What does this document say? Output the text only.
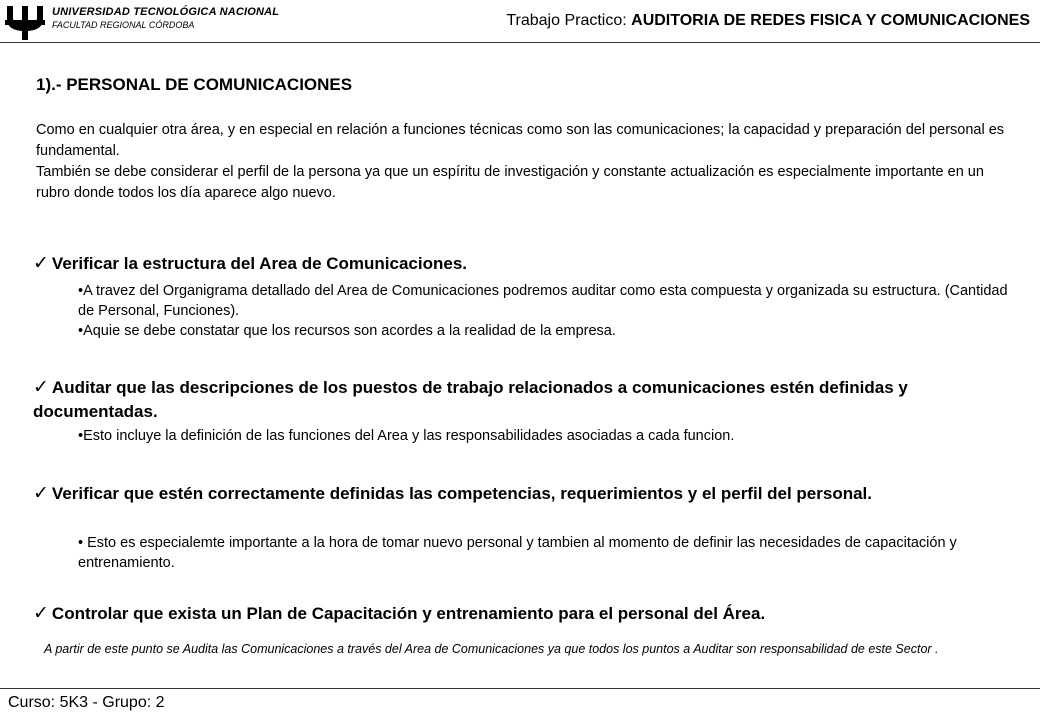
UNIVERSIDAD TECNOLÓGICA NACIONAL
FACULTAD REGIONAL CÓRDOBA	Trabajo Practico: AUDITORIA DE REDES FISICA Y COMUNICACIONES
1).- PERSONAL DE COMUNICACIONES

Como en cualquier otra área, y en especial en relación a funciones técnicas como son las comunicaciones; la capacidad y preparación del personal es fundamental.

También se debe considerar el perfil de la persona ya que un espíritu de investigación y constante actualización es especialmente importante en un rubro donde todos los día aparece algo nuevo.

✓ Verificar la estructura del Area de Comunicaciones.

•A travez del Organigrama detallado del Area de Comunicaciones podremos auditar como esta compuesta y organizada su estructura. (Cantidad de Personal, Funciones).

•Aquie se debe constatar que los recursos son acordes a la realidad de la empresa.

✓ Auditar que las descripciones de los puestos de trabajo relacionados a comunicaciones estén definidas y documentadas.

•Esto incluye la definición de las funciones del Area y las responsabilidades asociadas a cada funcion.

✓ Verificar que estén correctamente definidas las competencias, requerimientos y el perfil del personal.

• Esto es especialemte importante a la hora de tomar nuevo personal y tambien al momento de definir las necesidades de capacitación y entrenamiento.

✓ Controlar que exista un Plan de Capacitación y entrenamiento para el personal del Área.
A partir de este punto se Audita las Comunicaciones a través del Area de Comunicaciones ya que todos los puntos a Auditar son responsabilidad de este Sector .
Curso: 5K3 - Grupo: 2
